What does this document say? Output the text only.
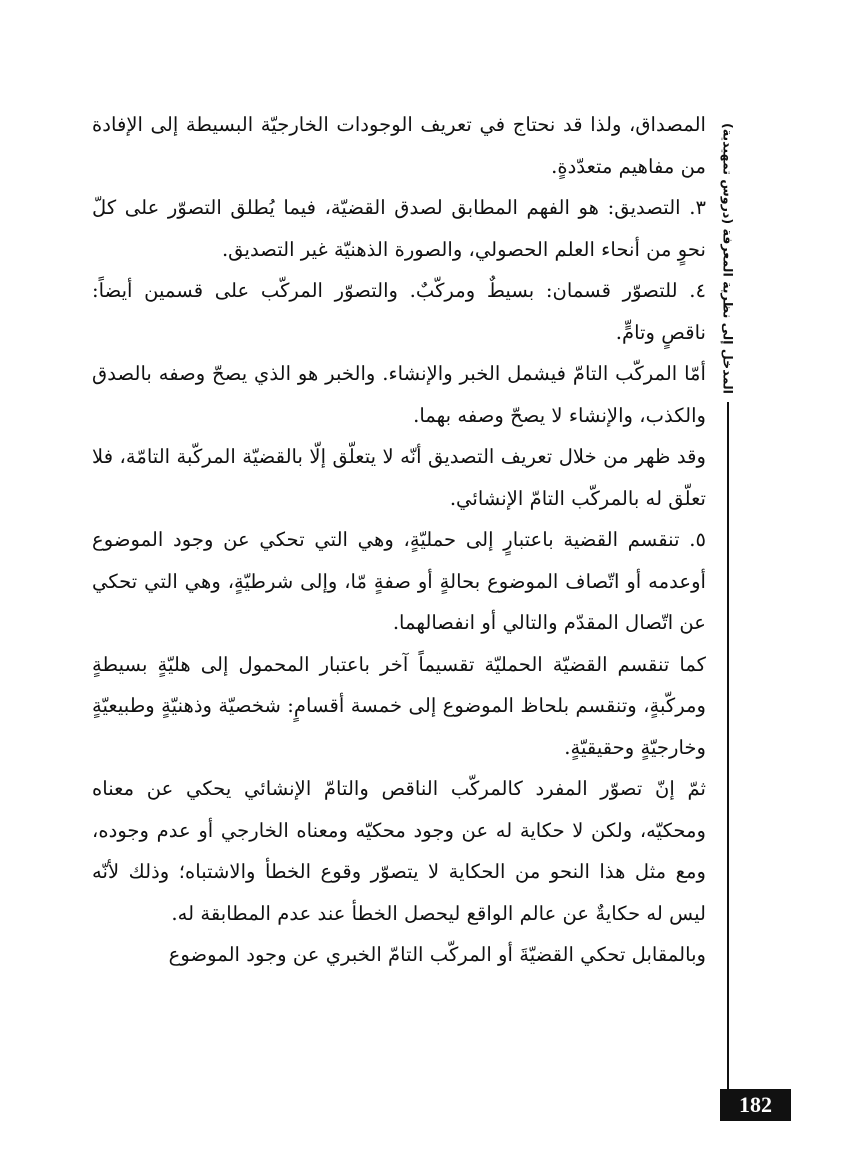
المدخل إلى نظرية المعرفة (دروس تمهيدية)

المصداق، ولذا قد نحتاج في تعريف الوجودات الخارجيّة البسيطة إلى الإفادة من مفاهيم متعدّدةٍ.

٣. التصديق: هو الفهم المطابق لصدق القضيّة، فيما يُطلق التصوّر على كلّ نحوٍ من أنحاء العلم الحصولي، والصورة الذهنيّة غير التصديق.

٤. للتصوّر قسمان: بسيطٌ ومركّبٌ. والتصوّر المركّب على قسمين أيضاً: ناقصٍ وتامٍّ.

أمّا المركّب التامّ فيشمل الخبر والإنشاء. والخبر هو الذي يصحّ وصفه بالصدق والكذب، والإنشاء لا يصحّ وصفه بهما.

وقد ظهر من خلال تعريف التصديق أنّه لا يتعلّق إلّا بالقضيّة المركّبة التامّة، فلا تعلّق له بالمركّب التامّ الإنشائي.

٥. تنقسم القضية باعتبارٍ إلى حمليّةٍ، وهي التي تحكي عن وجود الموضوع أوعدمه أو اتّصاف الموضوع بحالةٍ أو صفةٍ مّا، وإلى شرطيّةٍ، وهي التي تحكي عن اتّصال المقدّم والتالي أو انفصالهما.

كما تنقسم القضيّة الحمليّة تقسيماً آخر باعتبار المحمول إلى هليّةٍ بسيطةٍ ومركّبةٍ، وتنقسم بلحاظ الموضوع إلى خمسة أقسامٍ: شخصيّة وذهنيّةٍ وطبيعيّةٍ وخارجيّةٍ وحقيقيّةٍ.

ثمّ إنّ تصوّر المفرد كالمركّب الناقص والتامّ الإنشائي يحكي عن معناه ومحكيّه، ولكن لا حكاية له عن وجود محكيّه ومعناه الخارجي أو عدم وجوده، ومع مثل هذا النحو من الحكاية لا يتصوّر وقوع الخطأ والاشتباه؛ وذلك لأنّه ليس له حكايةٌ عن عالم الواقع ليحصل الخطأ عند عدم المطابقة له.

وبالمقابل تحكي القضيّةَ أو المركّب التامّ الخبري عن وجود الموضوع

182
